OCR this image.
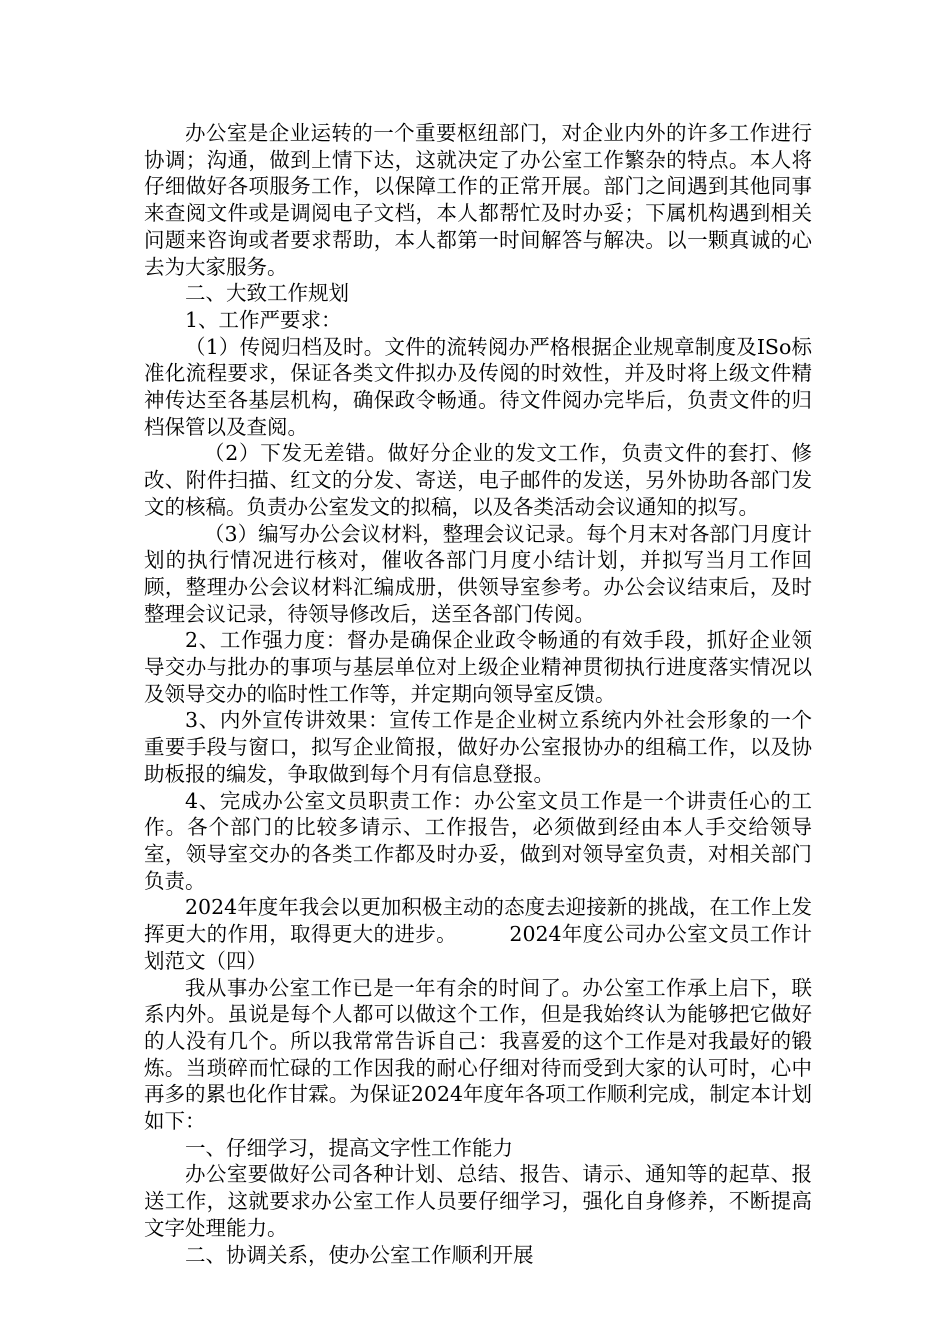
办公室是企业运转的一个重要枢纽部门，对企业内外的许多工作进行协调；沟通，做到上情下达，这就决定了办公室工作繁杂的特点。本人将仔细做好各项服务工作，以保障工作的正常开展。部门之间遇到其他同事来查阅文件或是调阅电子文档，本人都帮忙及时办妥；下属机构遇到相关问题来咨询或者要求帮助，本人都第一时间解答与解决。以一颗真诚的心去为大家服务。

二、大致工作规划

1、工作严要求：

（1）传阅归档及时。文件的流转阅办严格根据企业规章制度及ISo标准化流程要求，保证各类文件拟办及传阅的时效性，并及时将上级文件精神传达至各基层机构，确保政令畅通。待文件阅办完毕后，负责文件的归档保管以及查阅。

（2）下发无差错。做好分企业的发文工作，负责文件的套打、修改、附件扫描、红文的分发、寄送，电子邮件的发送，另外协助各部门发文的核稿。负责办公室发文的拟稿，以及各类活动会议通知的拟写。

（3）编写办公会议材料，整理会议记录。每个月末对各部门月度计划的执行情况进行核对，催收各部门月度小结计划，并拟写当月工作回顾，整理办公会议材料汇编成册，供领导室参考。办公会议结束后，及时整理会议记录，待领导修改后，送至各部门传阅。

2、工作强力度：督办是确保企业政令畅通的有效手段，抓好企业领导交办与批办的事项与基层单位对上级企业精神贯彻执行进度落实情况以及领导交办的临时性工作等，并定期向领导室反馈。

3、内外宣传讲效果：宣传工作是企业树立系统内外社会形象的一个重要手段与窗口，拟写企业简报，做好办公室报协办的组稿工作，以及协助板报的编发，争取做到每个月有信息登报。

4、完成办公室文员职责工作：办公室文员工作是一个讲责任心的工作。各个部门的比较多请示、工作报告，必须做到经由本人手交给领导室，领导室交办的各类工作都及时办妥，做到对领导室负责，对相关部门负责。

2024年度年我会以更加积极主动的态度去迎接新的挑战，在工作上发挥更大的作用，取得更大的进步。　　　2024年度公司办公室文员工作计划范文（四）

我从事办公室工作已是一年有余的时间了。办公室工作承上启下，联系内外。虽说是每个人都可以做这个工作，但是我始终认为能够把它做好的人没有几个。所以我常常告诉自己：我喜爱的这个工作是对我最好的锻炼。当琐碎而忙碌的工作因我的耐心仔细对待而受到大家的认可时，心中再多的累也化作甘霖。为保证2024年度年各项工作顺利完成，制定本计划如下：

一、仔细学习，提高文字性工作能力

办公室要做好公司各种计划、总结、报告、请示、通知等的起草、报送工作，这就要求办公室工作人员要仔细学习，强化自身修养，不断提高文字处理能力。

二、协调关系，使办公室工作顺利开展
